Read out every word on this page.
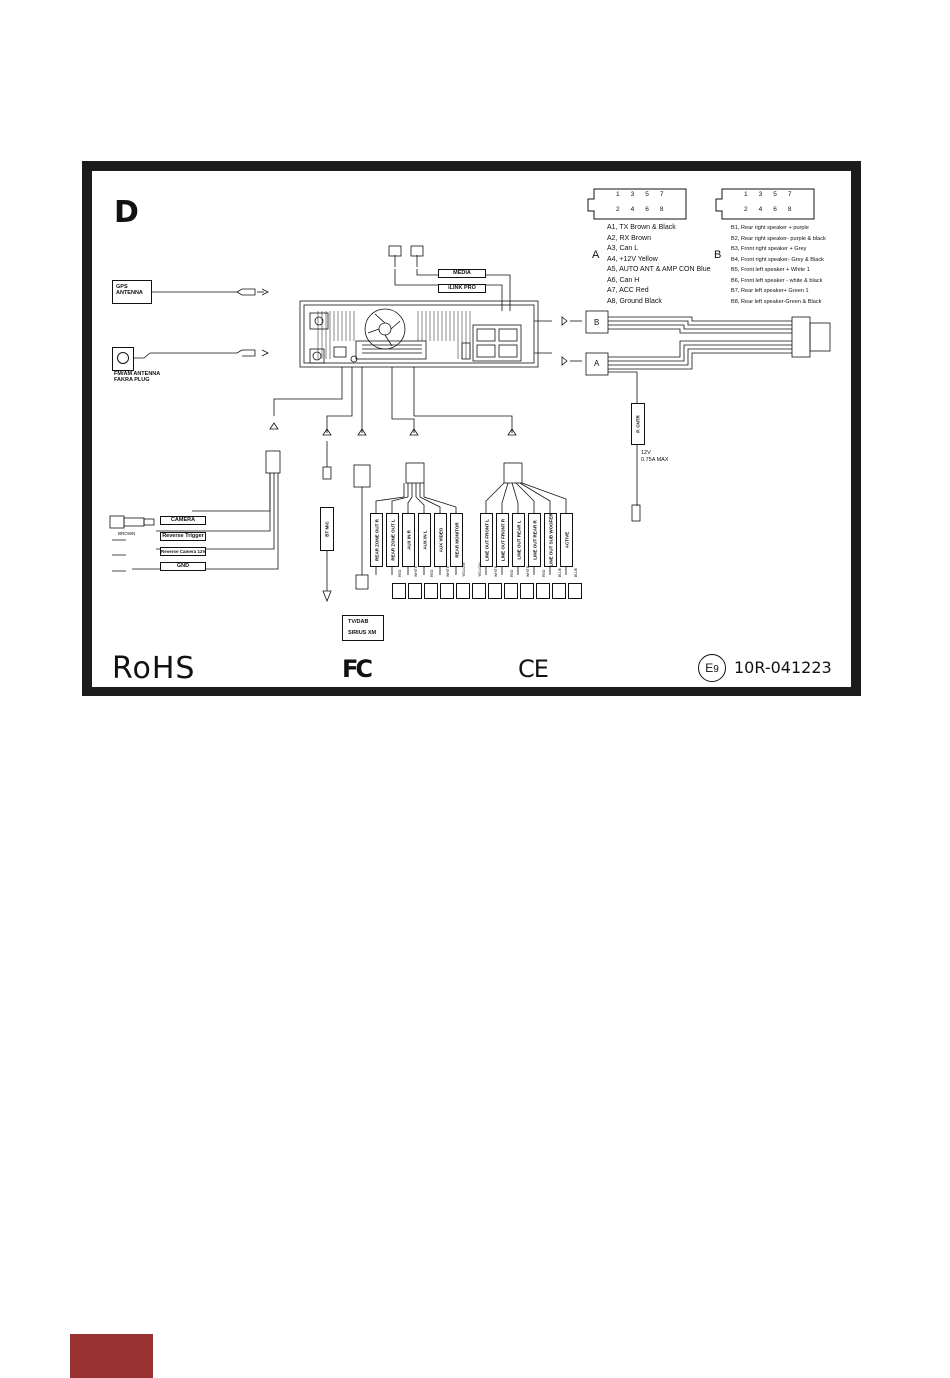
D
1 3 5 7
2 4 6 8
1 3 5 7
2 4 6 8
A
A1, TX Brown & Black
A2, RX Brown
A3, Can L
A4, +12V Yellow
A5, AUTO ANT & AMP CON Blue
A6, Can H
A7, ACC Red
A8, Ground Black
B
B1, Rear right speaker + purple
B2, Rear right speaker- purple & black
B3, Front right speaker + Grey
B4, Front right speaker- Grey & Black
B5, Front left speaker + White 1
B6, Front left speaker - white & black
B7, Rear left speaker+ Green 1
B8, Rear left speaker-Green & Black
GPS ANTENNA
FM/AM ANTENNA FAKRA PLUG
MEDIA
iLINK PRO
B
A
P. CNTR
12V
0.75A MAX
CAMERA
Reverse Trigger
Reverse Camera 12V
GND
BROWN	BT MIC
TV/DAB
SIRIUS XM
REAR ZONE OUT R REAR ZONE OUT L AUX IN R AUX IN L AUX VIDEO REAR MONITOR	LINE OUT FRONT L LINE OUT FRONT R LINE OUT REAR L LINE OUT REAR R LINE OUT SUB WOOFER ACTIVE
RED	WHITE	RED	WHITE	YELLOW	YELLOW	WHITE	RED	WHITE	RED	BLUE	BLUE
RoHS	FC	CE	E9 10R-041223
